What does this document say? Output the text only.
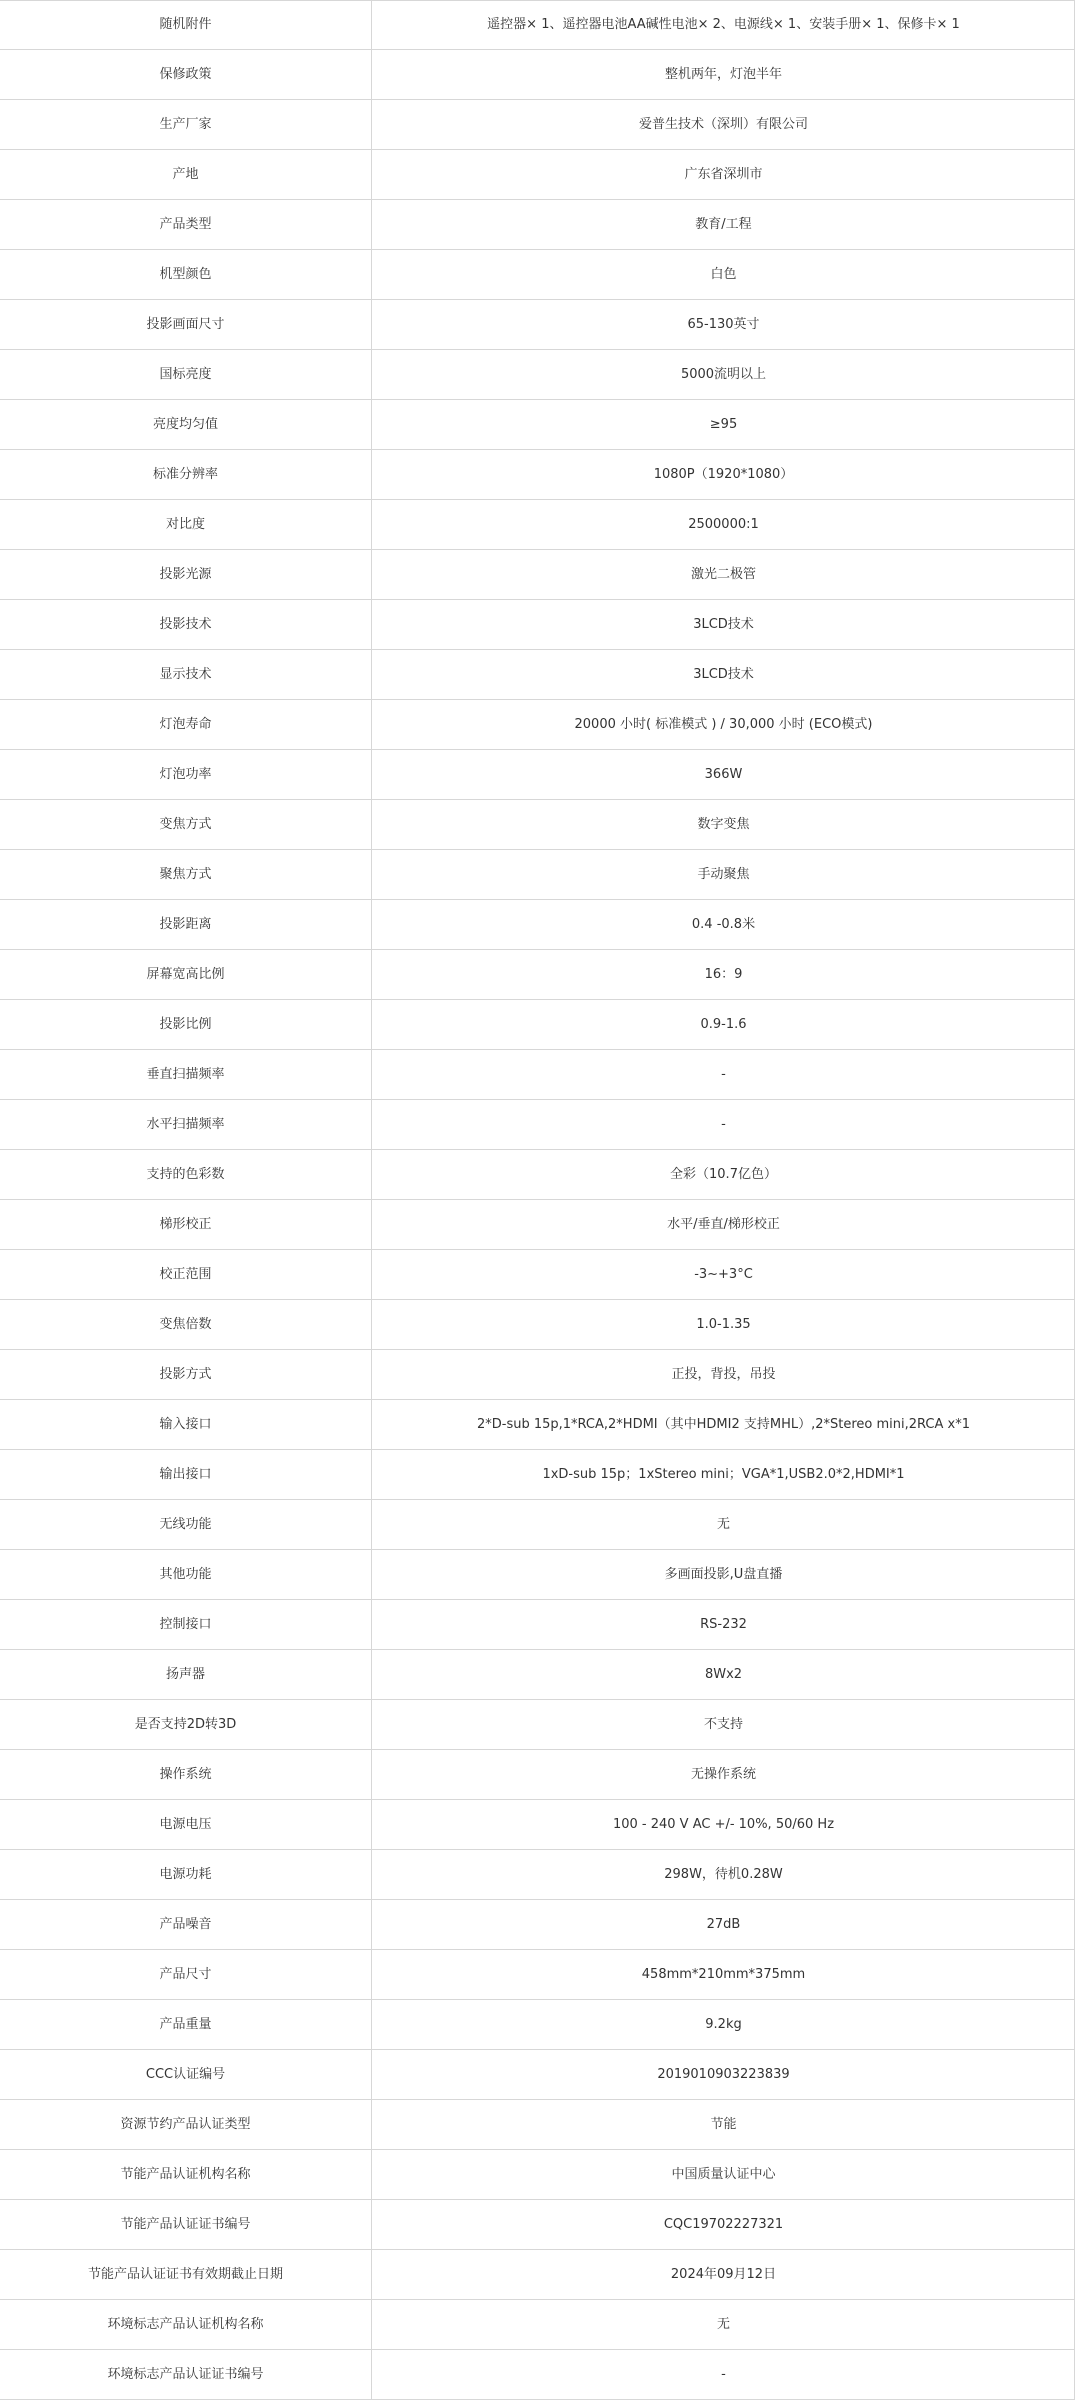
随机附件	遥控器× 1、遥控器电池AA碱性电池× 2、电源线× 1、安装手册× 1、保修卡× 1
保修政策	整机两年，灯泡半年
生产厂家	爱普生技术（深圳）有限公司
产地	广东省深圳市
产品类型	教育/工程
机型颜色	白色
投影画面尺寸	65-130英寸
国标亮度	5000流明以上
亮度均匀值	≥95
标准分辨率	1080P（1920*1080）
对比度	2500000:1
投影光源	激光二极管
投影技术	3LCD技术
显示技术	3LCD技术
灯泡寿命	20000 小时( 标准模式 ) / 30,000 小时 (ECO模式)
灯泡功率	366W
变焦方式	数字变焦
聚焦方式	手动聚焦
投影距离	0.4 -0.8米
屏幕宽高比例	16：9
投影比例	0.9-1.6
垂直扫描频率	-
水平扫描频率	-
支持的色彩数	全彩（10.7亿色）
梯形校正	水平/垂直/梯形校正
校正范围	-3~+3°C
变焦倍数	1.0-1.35
投影方式	正投，背投，吊投
输入接口	2*D-sub 15p,1*RCA,2*HDMI（其中HDMI2 支持MHL）,2*Stereo mini,2RCA x*1
输出接口	1xD-sub 15p；1xStereo mini；VGA*1,USB2.0*2,HDMI*1
无线功能	无
其他功能	多画面投影,U盘直播
控制接口	RS-232
扬声器	8Wx2
是否支持2D转3D	不支持
操作系统	无操作系统
电源电压	100 - 240 V AC +/- 10%, 50/60 Hz
电源功耗	298W，待机0.28W
产品噪音	27dB
产品尺寸	458mm*210mm*375mm
产品重量	9.2kg
CCC认证编号	2019010903223839
资源节约产品认证类型	节能
节能产品认证机构名称	中国质量认证中心
节能产品认证证书编号	CQC19702227321
节能产品认证证书有效期截止日期	2024年09月12日
环境标志产品认证机构名称	无
环境标志产品认证证书编号	-
